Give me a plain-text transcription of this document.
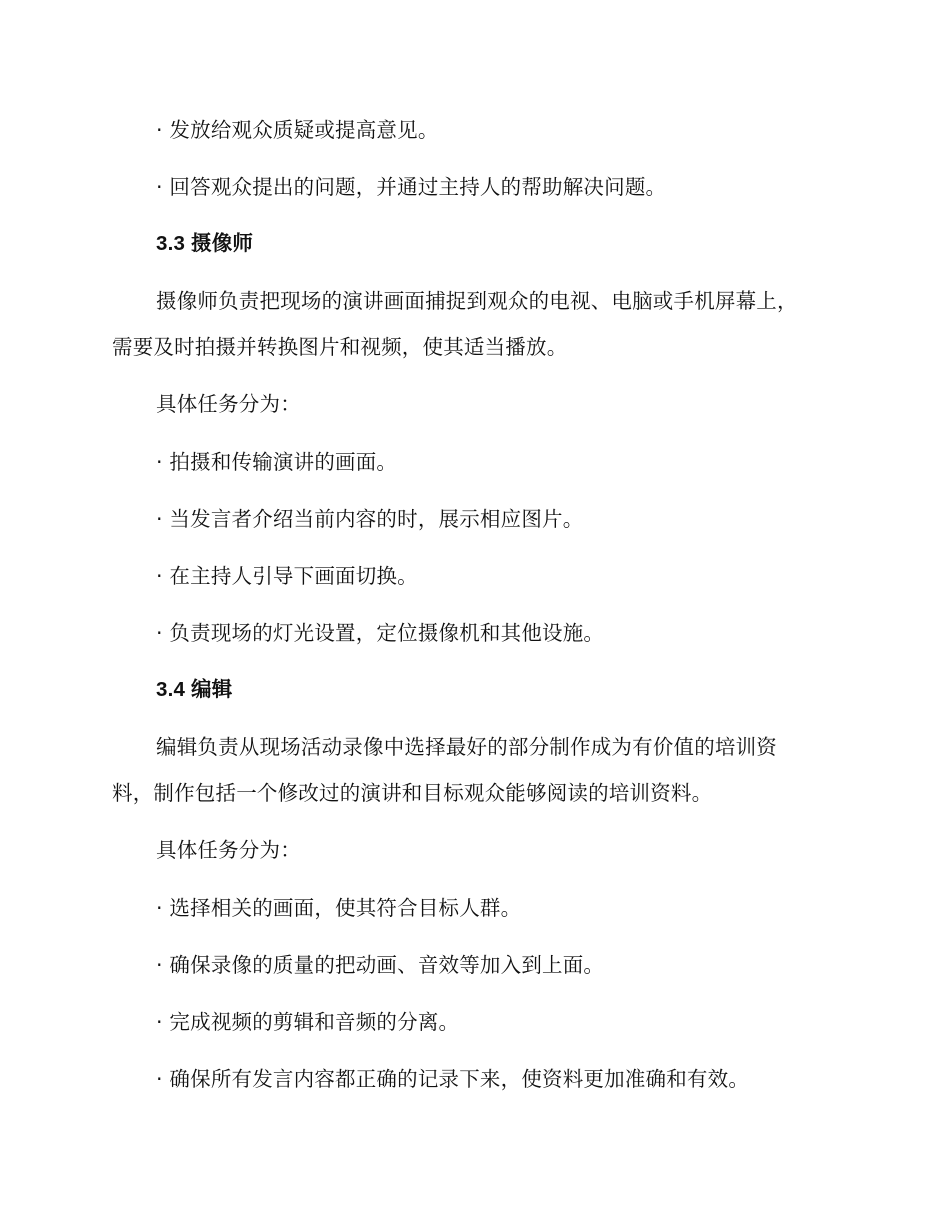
· 发放给观众质疑或提高意见。
· 回答观众提出的问题，并通过主持人的帮助解决问题。
3.3 摄像师
摄像师负责把现场的演讲画面捕捉到观众的电视、电脑或手机屏幕上，
需要及时拍摄并转换图片和视频，使其适当播放。
具体任务分为：
· 拍摄和传输演讲的画面。
· 当发言者介绍当前内容的时，展示相应图片。
· 在主持人引导下画面切换。
· 负责现场的灯光设置，定位摄像机和其他设施。
3.4 编辑
编辑负责从现场活动录像中选择最好的部分制作成为有价值的培训资
料，制作包括一个修改过的演讲和目标观众能够阅读的培训资料。
具体任务分为：
· 选择相关的画面，使其符合目标人群。
· 确保录像的质量的把动画、音效等加入到上面。
· 完成视频的剪辑和音频的分离。
· 确保所有发言内容都正确的记录下来，使资料更加准确和有效。
